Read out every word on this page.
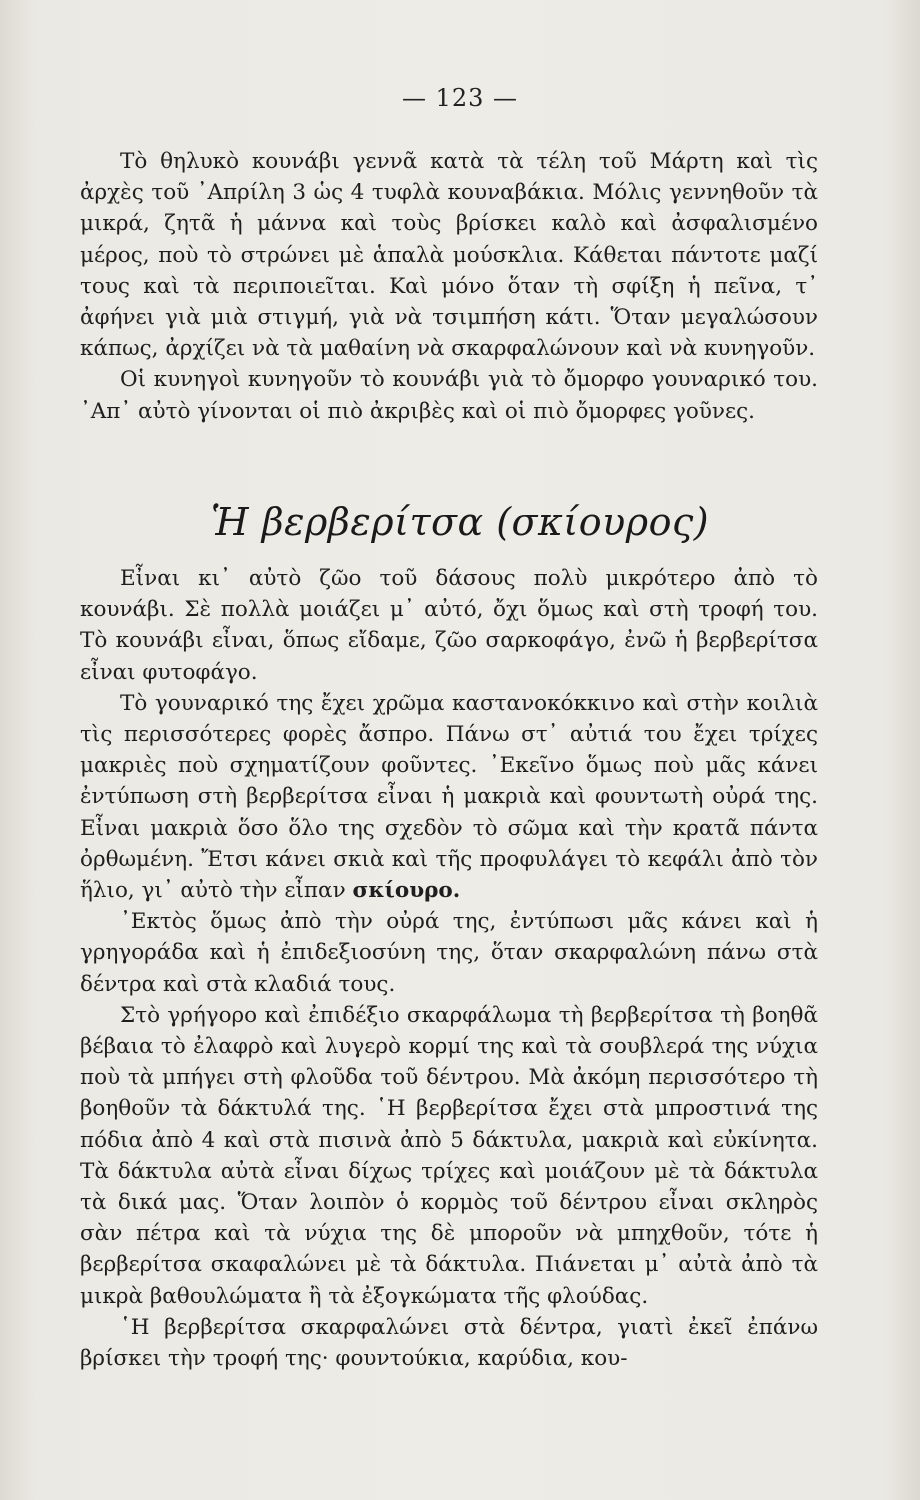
— 123 —

Τὸ θηλυκὸ κουνάβι γεννᾶ κατὰ τὰ τέλη τοῦ Μάρτη καὶ τὶς ἀρχὲς τοῦ ᾿Απρίλη 3 ὡς 4 τυφλὰ κουναβάκια. Μόλις γεννηθοῦν τὰ μικρά, ζητᾶ ἡ μάννα καὶ τοὺς βρίσκει καλὸ καὶ ἀσφαλισμένο μέρος, ποὺ τὸ στρώνει μὲ ἁπαλὰ μούσκλια. Κάθεται πάντοτε μαζί τους καὶ τὰ περιποιεῖται. Καὶ μόνο ὅταν τὴ σφίξη ἡ πεῖνα, τ᾿ ἀφήνει γιὰ μιὰ στιγμή, γιὰ νὰ τσιμπήση κάτι. Ὅταν μεγαλώσουν κάπως, ἀρχίζει νὰ τὰ μαθαίνη νὰ σκαρφαλώνουν καὶ νὰ κυνηγοῦν.

Οἱ κυνηγοὶ κυνηγοῦν τὸ κουνάβι γιὰ τὸ ὄμορφο γουναρικό του. ᾿Απ᾿ αὐτὸ γίνονται οἱ πιὸ ἀκριβὲς καὶ οἱ πιὸ ὄμορφες γοῦνες.

Ἡ βερβερίτσα (σκίουρος)

Εἶναι κι᾿ αὐτὸ ζῶο τοῦ δάσους πολὺ μικρότερο ἀπὸ τὸ κουνάβι. Σὲ πολλὰ μοιάζει μ᾿ αὐτό, ὄχι ὅμως καὶ στὴ τροφή του. Τὸ κουνάβι εἶναι, ὅπως εἴδαμε, ζῶο σαρκοφάγο, ἐνῶ ἡ βερβερίτσα εἶναι φυτοφάγο.

Τὸ γουναρικό της ἔχει χρῶμα καστανοκόκκινο καὶ στὴν κοιλιὰ τὶς περισσότερες φορὲς ἄσπρο. Πάνω στ᾿ αὐτιά του ἔχει τρίχες μακριὲς ποὺ σχηματίζουν φοῦντες. ᾿Εκεῖνο ὅμως ποὺ μᾶς κάνει ἐντύπωση στὴ βερβερίτσα εἶναι ἡ μακριὰ καὶ φουντωτὴ οὐρά της. Εἶναι μακριὰ ὅσο ὅλο της σχεδὸν τὸ σῶμα καὶ τὴν κρατᾶ πάντα ὀρθωμένη. Ἔτσι κάνει σκιὰ καὶ τῆς προφυλάγει τὸ κεφάλι ἀπὸ τὸν ἥλιο, γι᾿ αὐτὸ τὴν εἶπαν σκίουρο.

᾿Εκτὸς ὅμως ἀπὸ τὴν οὐρά της, ἐντύπωσι μᾶς κάνει καὶ ἡ γρηγοράδα καὶ ἡ ἐπιδεξιοσύνη της, ὅταν σκαρφαλώνη πάνω στὰ δέντρα καὶ στὰ κλαδιά τους.

Στὸ γρήγορο καὶ ἐπιδέξιο σκαρφάλωμα τὴ βερβερίτσα τὴ βοηθᾶ βέβαια τὸ ἐλαφρὸ καὶ λυγερὸ κορμί της καὶ τὰ σουβλερά της νύχια ποὺ τὰ μπήγει στὴ φλοῦδα τοῦ δέντρου. Μὰ ἀκόμη περισσότερο τὴ βοηθοῦν τὰ δάκτυλά της. ῾Η βερβερίτσα ἔχει στὰ μπροστινά της πόδια ἀπὸ 4 καὶ στὰ πισινὰ ἀπὸ 5 δάκτυλα, μακριὰ καὶ εὐκίνητα. Τὰ δάκτυλα αὐτὰ εἶναι δίχως τρίχες καὶ μοιάζουν μὲ τὰ δάκτυλα τὰ δικά μας. Ὅταν λοιπὸν ὁ κορμὸς τοῦ δέντρου εἶναι σκληρὸς σὰν πέτρα καὶ τὰ νύχια της δὲ μποροῦν νὰ μπηχθοῦν, τότε ἡ βερβερίτσα σκαφαλώνει μὲ τὰ δάκτυλα. Πιάνεται μ᾿ αὐτὰ ἀπὸ τὰ μικρὰ βαθουλώματα ἢ τὰ ἐξογκώματα τῆς φλούδας.

῾Η βερβερίτσα σκαρφαλώνει στὰ δέντρα, γιατὶ ἐκεῖ ἐπάνω βρίσκει τὴν τροφή της· φουντούκια, καρύδια, κου-
